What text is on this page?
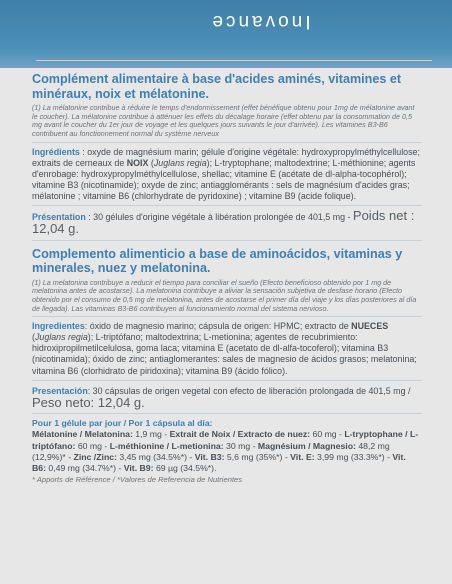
Inovance
Complément alimentaire à base d'acides aminés, vitamines et minéraux, noix et mélatonine.
(1) La mélatonine contribue à réduire le temps d'endormissement (effet bénéfique obtenu pour 1mg de mélatonine avant le coucher). La mélatonine contribue à atténuer les effets du décalage horaire (effet obtenu par la consommation de 0,5 mg avant le coucher du 1er jour de voyage et les quelques jours suivants le jour d'arrivée). Les vitamines B3-B6 contribuent au fonctionnement normal du système nerveux
Ingrédients : oxyde de magnésium marin; gélule d'origine végétale: hydroxypropylméthylcellulose; extraits de cerneaux de NOIX (Juglans regia); L-tryptophane; maltodextrine; L-méthionine; agents d'enrobage: hydroxypropylméthylcellulose, shellac; vitamine E (acétate de dl-alpha-tocophérol); vitamine B3 (nicotinamide); oxyde de zinc; antiagglomérants : sels de magnésium d'acides gras; mélatonine ; vitamine B6 (chlorhydrate de pyridoxine) ; vitamine B9 (acide folique).
Présentation : 30 gélules d'origine végétale à libération prolongée de 401,5 mg - Poids net : 12,04 g.
Complemento alimenticio a base de aminoácidos, vitaminas y minerales, nuez y melatonina.
(1) La melatonina contribuye a reducir el tiempo para conciliar el sueño (Efecto beneficioso obtenido por 1 mg de melatonina antes de acostarse). La melatonina contribuye a aliviar la sensación subjetiva de desfase horario (Efecto obtenido por el consumo de 0,5 mg de melatonina, antes de acostarse el primer día del viaje y los días posteriores al día de llegada). Las vitaminas B3-B6 contribuyen al funcionamiento normal del sistema nervioso.
Ingredientes: óxido de magnesio marino; cápsula de origen: HPMC; extracto de NUECES (Juglans regia); L-triptófano; maltodextrina; L-metionina; agentes de recubrimiento: hidroxipropilmetilcelulosa, goma laca; vitamina E (acetato de dl-alfa-tocoferol); vitamina B3 (nicotinamida); óxido de zinc; antiaglomerantes: sales de magnesio de ácidos grasos; melatonina; vitamina B6 (clorhidrato de piridoxina); vitamina B9 (ácido fólico).
Presentación: 30 cápsulas de origen vegetal con efecto de liberación prolongada de 401,5 mg / Peso neto: 12,04 g.
Pour 1 gélule par jour / Por 1 cápsula al día:
Mélatonine / Melatonina: 1,9 mg - Extrait de Noix / Extracto de nuez: 60 mg - L-tryptophane / L-triptófano: 60 mg - L-méthionine / L-metionina: 30 mg - Magnésium / Magnesio: 48,2 mg (12,9%)* - Zinc /Zinc: 3,45 mg (34.5%*) - Vit. B3: 5,6 mg (35%*) - Vit. E: 3,99 mg (33.3%*) - Vit. B6: 0,49 mg (34.7%*) - Vit. B9: 69 µg (34.5%*).
* Apports de Référence / *Valores de Referencia de Nutrientes
